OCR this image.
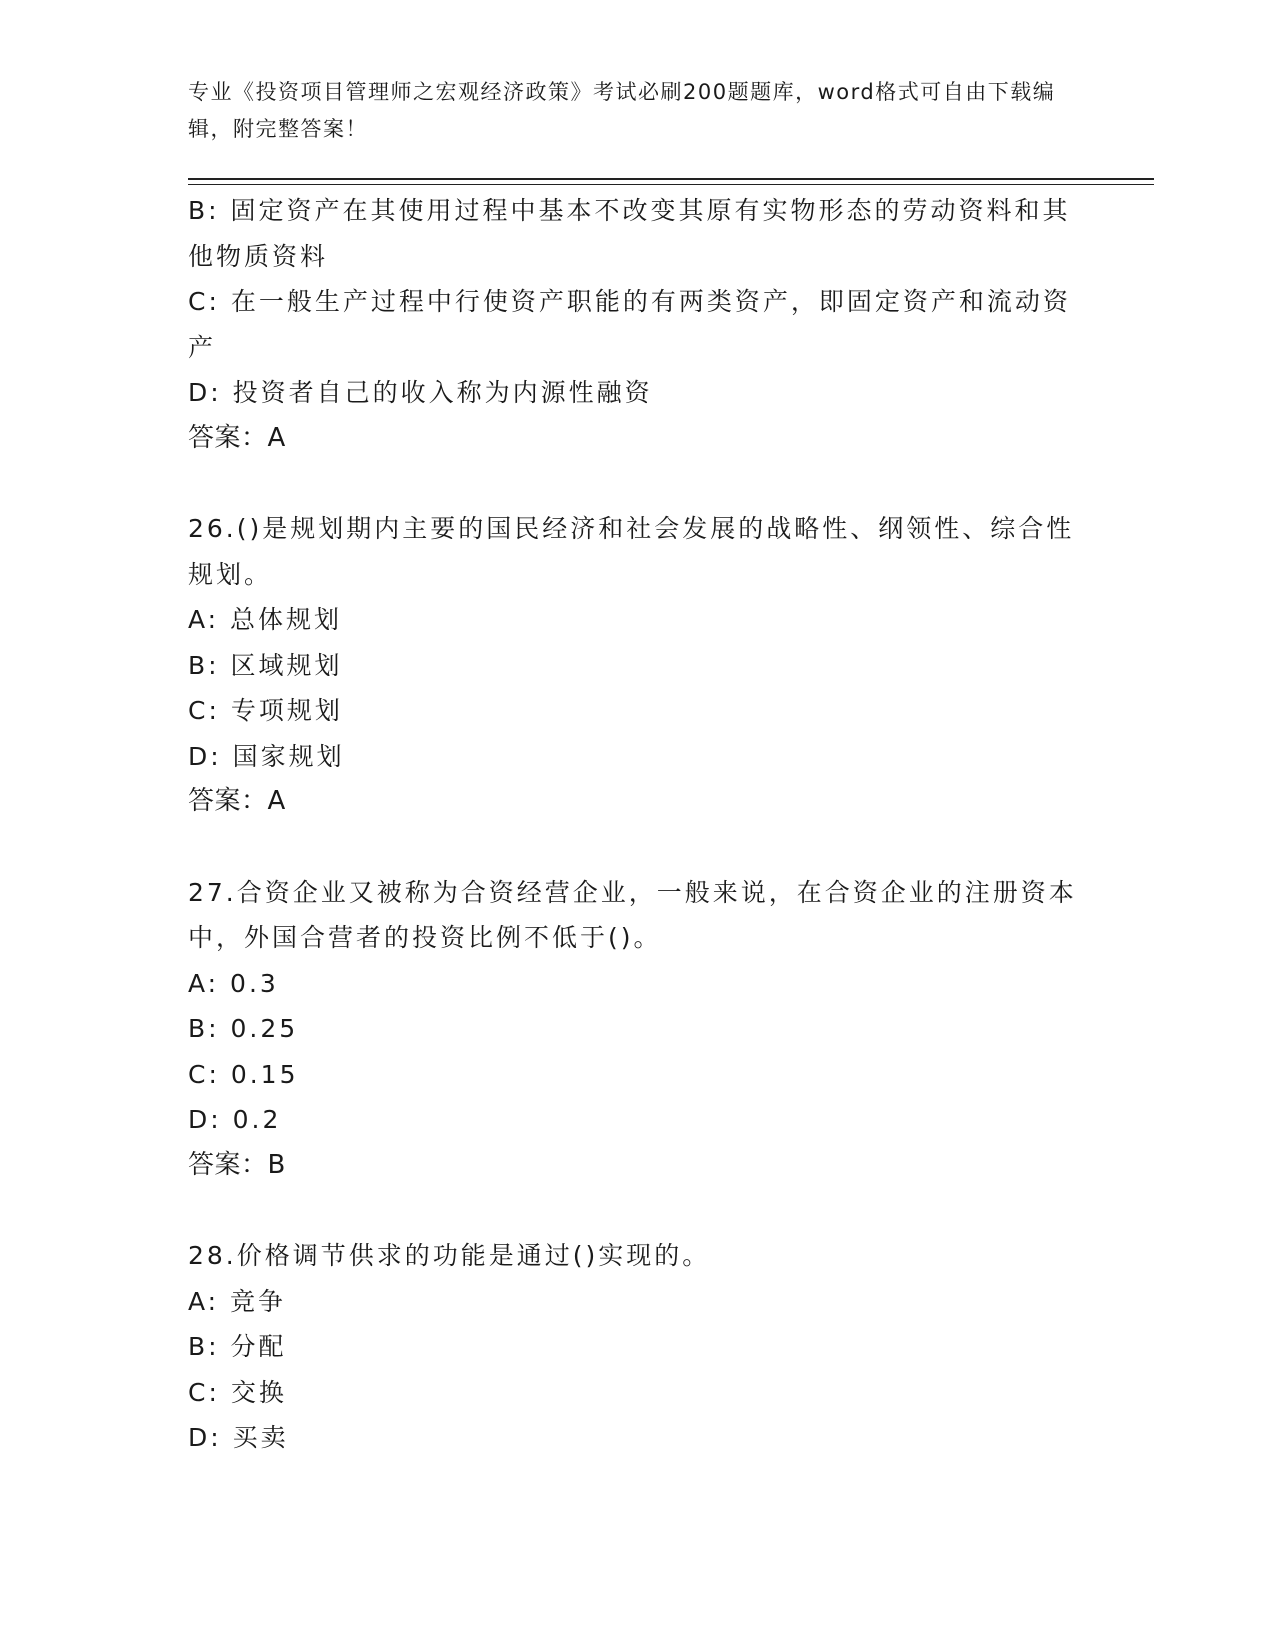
专业《投资项目管理师之宏观经济政策》考试必刷200题题库，word格式可自由下载编辑，附完整答案！
B: 固定资产在其使用过程中基本不改变其原有实物形态的劳动资料和其他物质资料
C: 在一般生产过程中行使资产职能的有两类资产，即固定资产和流动资产
D: 投资者自己的收入称为内源性融资
答案：A
26.()是规划期内主要的国民经济和社会发展的战略性、纲领性、综合性规划。
A: 总体规划
B: 区域规划
C: 专项规划
D: 国家规划
答案：A
27.合资企业又被称为合资经营企业，一般来说，在合资企业的注册资本中，外国合营者的投资比例不低于()。
A: 0.3
B: 0.25
C: 0.15
D: 0.2
答案：B
28.价格调节供求的功能是通过()实现的。
A: 竞争
B: 分配
C: 交换
D: 买卖
